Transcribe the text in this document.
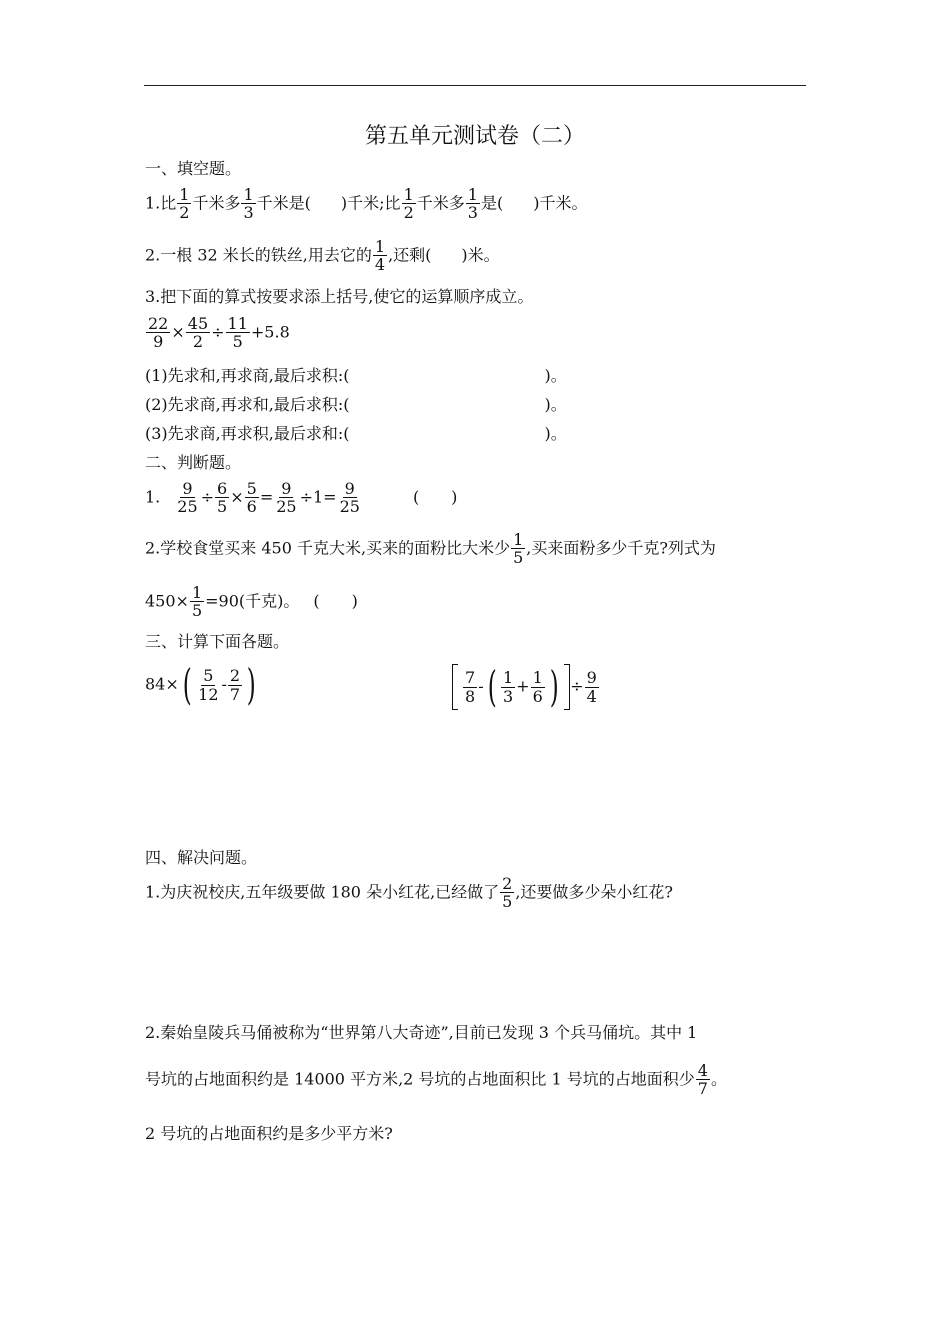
第五单元测试卷（二）
一、填空题。
1.比 $\frac{1}{2}$ 千米多 $\frac{1}{3}$ 千米是( )千米;比 $\frac{1}{2}$ 千米多 $\frac{1}{3}$ 是( )千米。
2.一根 32 米长的铁丝,用去它的 $\frac{1}{4}$ ,还剩( )米。
3.把下面的算式按要求添上括号,使它的运算顺序成立。
$\frac{22}{9} \times \frac{45}{2} \div \frac{11}{5} +5.8$
(1)先求和,再求商,最后求积:(	)。
(2)先求商,再求和,最后求积:(	)。
(3)先求商,再求积,最后求和:(	)。
二、判断题。
1. $\frac{9}{25} \div \frac{6}{5} \times \frac{5}{6} = \frac{9}{25} \div 1= \frac{9}{25}$	(　　)
2.学校食堂买来 450 千克大米,买来的面粉比大米少 $\frac{1}{5}$ ,买来面粉多少千克?列式为
$450\times \frac{1}{5} =90$(千克)。 (　　)
三、计算下面各题。
$84\times( \frac{5}{12} - \frac{2}{7}$ )	$\frac{7}{8}$ -( $\frac{1}{3} + \frac{1}{6}$ ) ÷ $\frac{9}{4}$
四、解决问题。
1.为庆祝校庆,五年级要做 180 朵小红花,已经做了 $\frac{2}{5}$ ,还要做多少朵小红花?
2.秦始皇陵兵马俑被称为“世界第八大奇迹”,目前已发现 3 个兵马俑坑。其中 1
号坑的占地面积约是 14000 平方米,2 号坑的占地面积比 1 号坑的占地面积少 $\frac{4}{7}$ 。
2 号坑的占地面积约是多少平方米?
